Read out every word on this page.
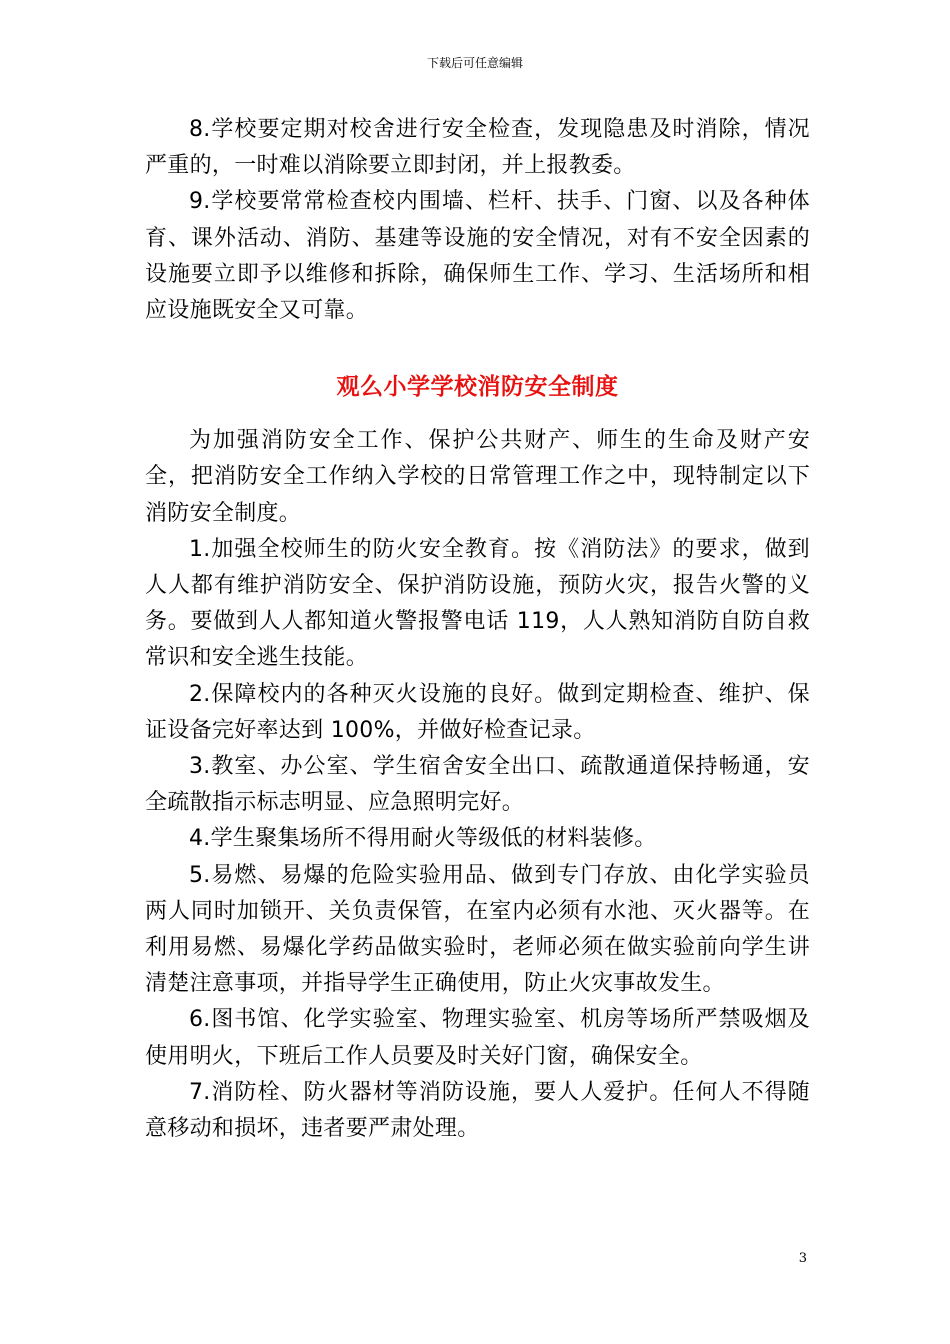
下载后可任意编辑

8.学校要定期对校舍进行安全检查，发现隐患及时消除，情况严重的，一时难以消除要立即封闭，并上报教委。

9.学校要常常检查校内围墙、栏杆、扶手、门窗、以及各种体育、课外活动、消防、基建等设施的安全情况，对有不安全因素的设施要立即予以维修和拆除，确保师生工作、学习、生活场所和相应设施既安全又可靠。

观么小学学校消防安全制度

为加强消防安全工作、保护公共财产、师生的生命及财产安全，把消防安全工作纳入学校的日常管理工作之中，现特制定以下消防安全制度。

1.加强全校师生的防火安全教育。按《消防法》的要求，做到人人都有维护消防安全、保护消防设施，预防火灾，报告火警的义务。要做到人人都知道火警报警电话 119，人人熟知消防自防自救常识和安全逃生技能。

2.保障校内的各种灭火设施的良好。做到定期检查、维护、保证设备完好率达到 100%，并做好检查记录。

3.教室、办公室、学生宿舍安全出口、疏散通道保持畅通，安全疏散指示标志明显、应急照明完好。

4.学生聚集场所不得用耐火等级低的材料装修。

5.易燃、易爆的危险实验用品、做到专门存放、由化学实验员两人同时加锁开、关负责保管，在室内必须有水池、灭火器等。在利用易燃、易爆化学药品做实验时，老师必须在做实验前向学生讲清楚注意事项，并指导学生正确使用，防止火灾事故发生。

6.图书馆、化学实验室、物理实验室、机房等场所严禁吸烟及使用明火，下班后工作人员要及时关好门窗，确保安全。

7.消防栓、防火器材等消防设施，要人人爱护。任何人不得随意移动和损坏，违者要严肃处理。

3
